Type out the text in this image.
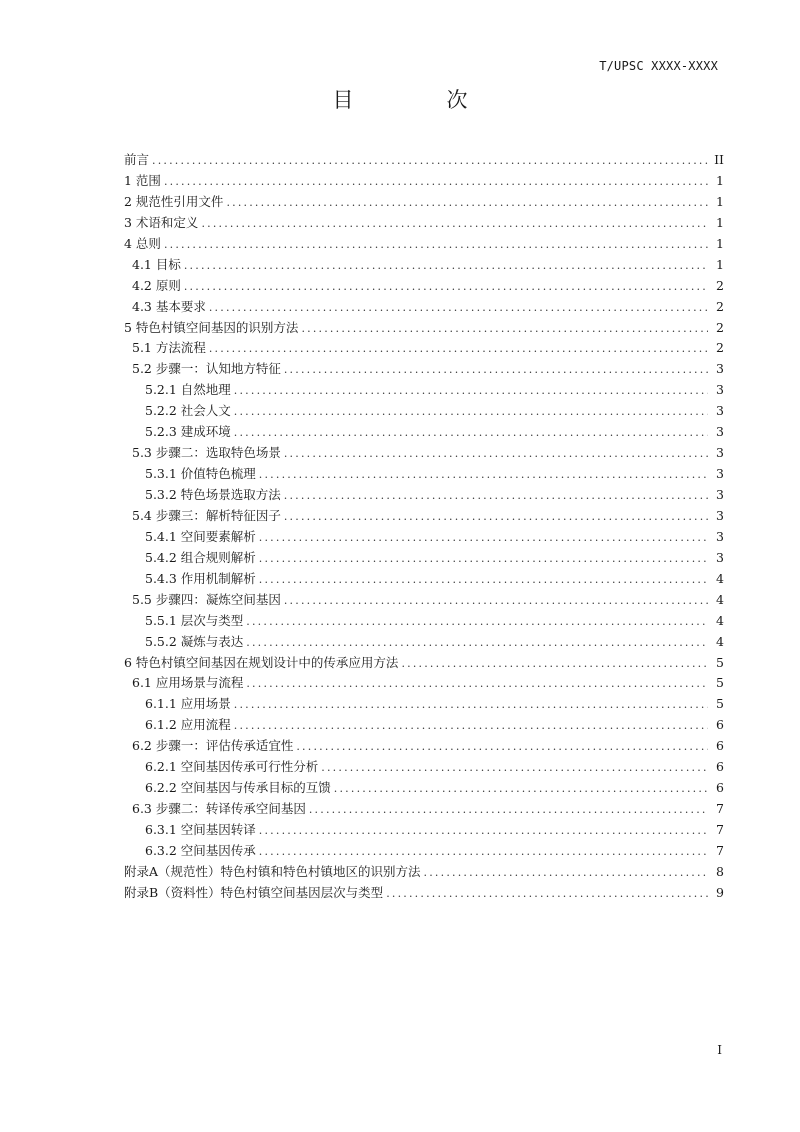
T/UPSC XXXX-XXXX
目　次
前言 .....	II
1 范围 .....	1
2 规范性引用文件 .....	1
3 术语和定义 .....	1
4 总则 .....	1
4.1 目标 .....	1
4.2 原则 .....	2
4.3 基本要求 .....	2
5 特色村镇空间基因的识别方法 .....	2
5.1 方法流程 .....	2
5.2 步骤一：认知地方特征 .....	3
5.2.1 自然地理 .....	3
5.2.2 社会人文 .....	3
5.2.3 建成环境 .....	3
5.3 步骤二：选取特色场景 .....	3
5.3.1 价值特色梳理 .....	3
5.3.2 特色场景选取方法 .....	3
5.4 步骤三：解析特征因子 .....	3
5.4.1 空间要素解析 .....	3
5.4.2 组合规则解析 .....	3
5.4.3 作用机制解析 .....	4
5.5 步骤四：凝炼空间基因 .....	4
5.5.1 层次与类型 .....	4
5.5.2 凝炼与表达 .....	4
6 特色村镇空间基因在规划设计中的传承应用方法 .....	5
6.1 应用场景与流程 .....	5
6.1.1 应用场景 .....	5
6.1.2 应用流程 .....	6
6.2 步骤一：评估传承适宜性 .....	6
6.2.1 空间基因传承可行性分析 .....	6
6.2.2 空间基因与传承目标的互馈 .....	6
6.3 步骤二：转译传承空间基因 .....	7
6.3.1 空间基因转译 .....	7
6.3.2 空间基因传承 .....	7
附录A（规范性）特色村镇和特色村镇地区的识别方法 .....	8
附录B（资料性）特色村镇空间基因层次与类型 .....	9
I
